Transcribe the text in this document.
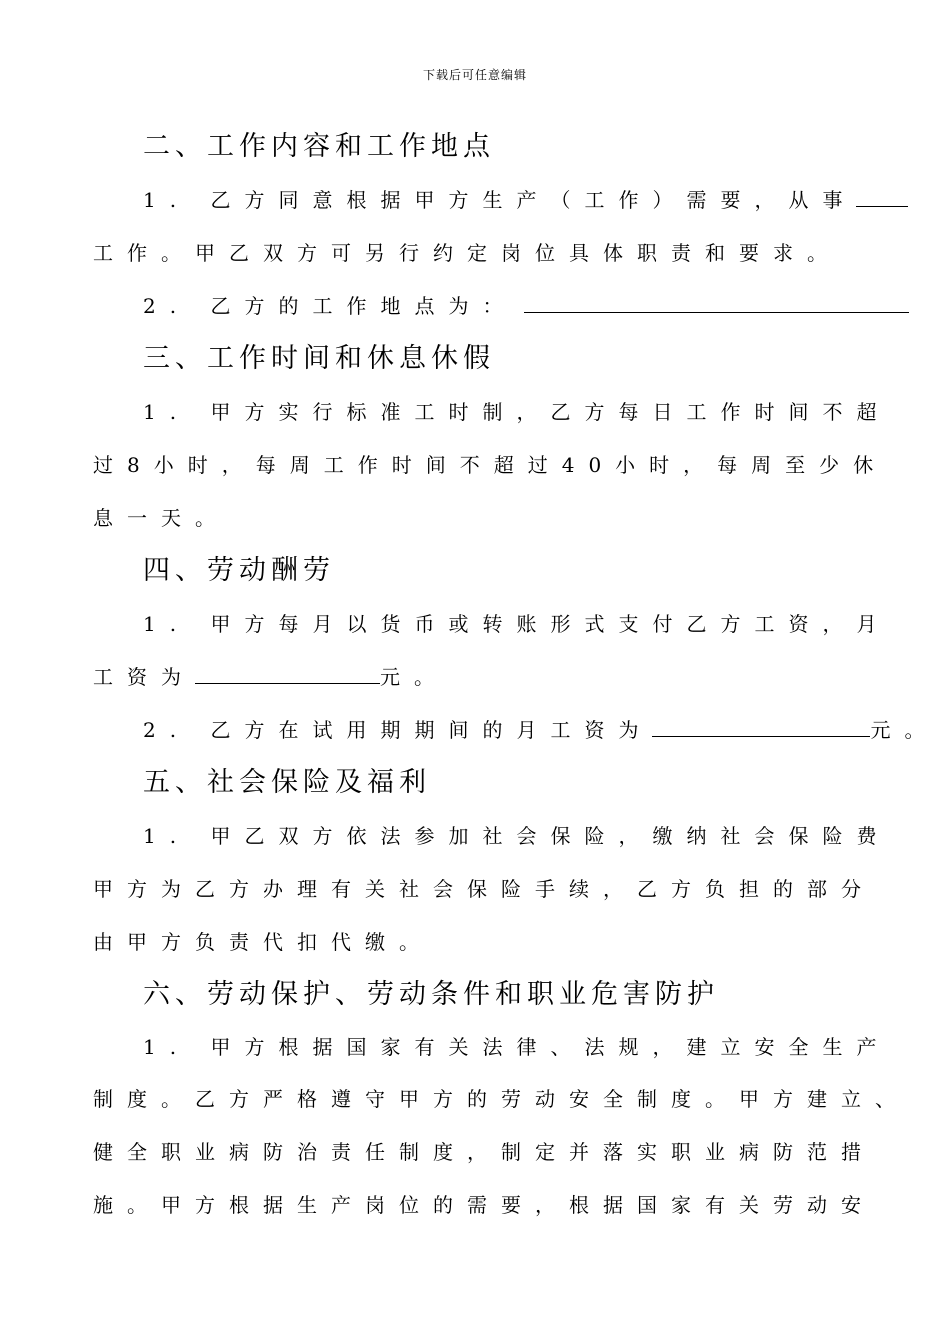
下载后可任意编辑
二、工作内容和工作地点
1. 乙方同意根据甲方生产（工作）需要，从事
工作。甲乙双方可另行约定岗位具体职责和要求。
2. 乙方的工作地点为：
三、工作时间和休息休假
1. 甲方实行标准工时制，乙方每日工作时间不超
过8小时，每周工作时间不超过40小时，每周至少休
息一天。
四、劳动酬劳
1. 甲方每月以货币或转账形式支付乙方工资，月
工资为	元。
2. 乙方在试用期期间的月工资为	元。
五、社会保险及福利
1. 甲乙双方依法参加社会保险，缴纳社会保险费
甲方为乙方办理有关社会保险手续，乙方负担的部分
由甲方负责代扣代缴。
六、劳动保护、劳动条件和职业危害防护
1. 甲方根据国家有关法律、法规，建立安全生产
制度。乙方严格遵守甲方的劳动安全制度。甲方建立、
健全职业病防治责任制度，制定并落实职业病防范措
施。甲方根据生产岗位的需要，根据国家有关劳动安
